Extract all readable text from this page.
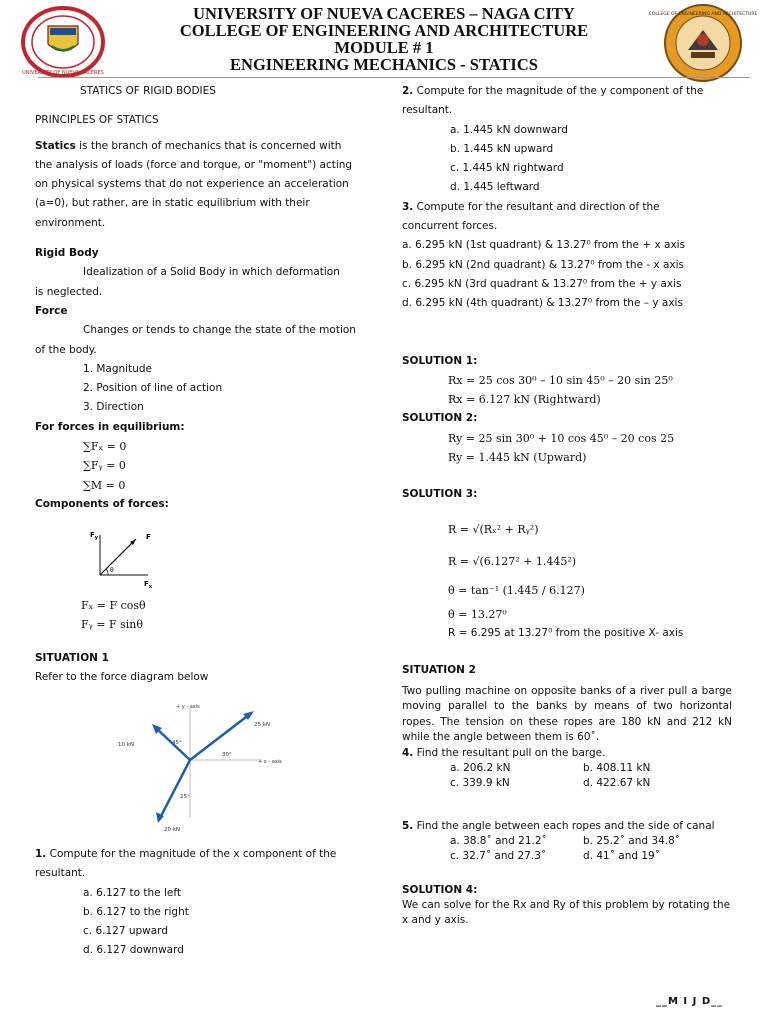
UNIVERSITY OF NUEVA CACERES
COLLEGE OF ENGINEERING AND ARCHITECTURE
UNIVERSITY OF NUEVA CACERES – NAGA CITY
COLLEGE OF ENGINEERING AND ARCHITECTURE
MODULE # 1
ENGINEERING MECHANICS - STATICS
STATICS OF RIGID BODIES
PRINCIPLES OF STATICS
Statics is the branch of mechanics that is concerned with
the analysis of loads (force and torque, or "moment") acting
on physical systems that do not experience an acceleration
(a=0), but rather, are in static equilibrium with their
environment.
Rigid Body
Idealization of a Solid Body in which deformation
is neglected.
Force
Changes or tends to change the state of the motion
of the body.
1. Magnitude
2. Position of line of action
3. Direction
For forces in equilibrium:
∑Fₓ = 0
∑Fᵧ = 0
∑M = 0
Components of forces:
$F_y$	F
θ
$F_x$
Fₓ = F cosθ
Fᵧ = F sinθ
SITUATION 1
Refer to the force diagram below
+ y - axis
+ x - axis
25 kN
10 kN
20 kN
45°
30°
25°
1. Compute for the magnitude of the x component of the
resultant.
a. 6.127 to the left
b. 6.127 to the right
c. 6.127 upward
d. 6.127 downward
2. Compute for the magnitude of the y component of the
resultant.
a. 1.445 kN downward
b. 1.445 kN upward
c. 1.445 kN rightward
d. 1.445 leftward
3. Compute for the resultant and direction of the
concurrent forces.
a. 6.295 kN (1st quadrant) & 13.27⁰ from the + x axis
b. 6.295 kN (2nd quadrant) & 13.27⁰ from the - x axis
c. 6.295 kN (3rd quadrant & 13.27⁰ from the + y axis
d. 6.295 kN (4th quadrant) & 13.27⁰ from the – y axis
SOLUTION 1:
Rx = 25 cos 30⁰ – 10 sin 45⁰ – 20 sin 25⁰
Rx = 6.127 kN (Rightward)
SOLUTION 2:
Ry = 25 sin 30⁰ + 10 cos 45⁰ – 20 cos 25
Ry = 1.445 kN (Upward)
SOLUTION 3:
R = √(Rₓ² + Rᵧ²)
R = √(6.127² + 1.445²)
θ = tan⁻¹ (1.445 / 6.127)
θ = 13.27⁰
R = 6.295 at 13.27⁰ from the positive X- axis
SITUATION 2
Two pulling machine on opposite banks of a river pull a barge moving parallel to the banks by means of two horizontal ropes. The tension on these ropes are 180 kN and 212 kN while the angle between them is 60˚.
4. Find the resultant pull on the barge.
a. 206.2 kN	b. 408.11 kN
c. 339.9 kN	d. 422.67 kN
5. Find the angle between each ropes and the side of canal
a. 38.8˚ and 21.2˚	b. 25.2˚ and 34.8˚
c. 32.7˚ and 27.3˚	d. 41˚ and 19˚
SOLUTION 4:
We can solve for the Rx and Ry of this problem by rotating the x and y axis.
__M I J D__
